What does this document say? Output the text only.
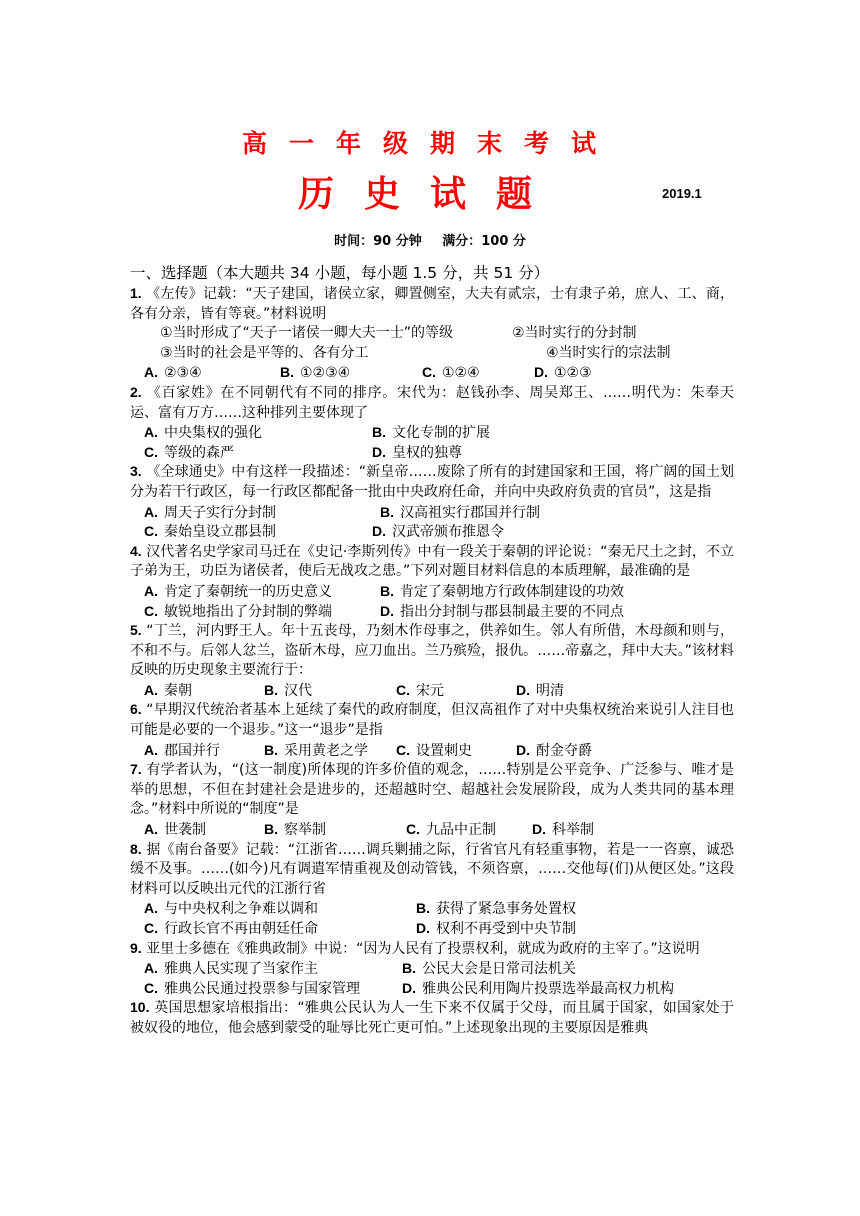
高一年级期末考试
历史试题	2019.1
时间：90 分钟 满分：100 分
一、选择题（本大题共 34 小题，每小题 1.5 分，共 51 分）

1. 《左传》记载：“天子建国，诸侯立家，卿置侧室，大夫有贰宗，士有隶子弟，庶人、工、商，各有分亲，皆有等衰。”材料说明

①当时形成了“天子一诸侯一卿大夫一士”的等级	②当时实行的分封制
③当时的社会是平等的、各有分工	④当时实行的宗法制
A. ②③④	B. ①②③④	C. ①②④	D. ①②③

2. 《百家姓》在不同朝代有不同的排序。宋代为：赵钱孙李、周吴郑王、……明代为：朱奉天运、富有万方……这种排列主要体现了

A. 中央集权的强化	B. 文化专制的扩展
C. 等级的森严	D. 皇权的独尊

3. 《全球通史》中有这样一段描述：“新皇帝……废除了所有的封建国家和王国，将广阔的国土划分为若干行政区，每一行政区都配备一批由中央政府任命，并向中央政府负责的官员”，这是指

A. 周天子实行分封制	B. 汉高祖实行郡国并行制
C. 秦始皇设立郡县制	D. 汉武帝颁布推恩令

4. 汉代著名史学家司马迁在《史记·李斯列传》中有一段关于秦朝的评论说：“秦无尺土之封，不立子弟为王，功臣为诸侯者，使后无战攻之患。”下列对题目材料信息的本质理解，最准确的是

A. 肯定了秦朝统一的历史意义	B. 肯定了秦朝地方行政体制建设的功效
C. 敏锐地指出了分封制的弊端	D. 指出分封制与郡县制最主要的不同点

5. “丁兰，河内野王人。年十五丧母，乃刻木作母事之，供养如生。邻人有所借，木母颜和则与，不和不与。后邻人忿兰，盗斫木母，应刀血出。兰乃殡殓，报仇。……帝嘉之，拜中大夫。”该材料反映的历史现象主要流行于：

A. 秦朝	B. 汉代	C. 宋元	D. 明清

6. “早期汉代统治者基本上延续了秦代的政府制度，但汉高祖作了对中央集权统治来说引人注目也可能是必要的一个退步。”这一“退步”是指

A. 郡国并行	B. 采用黄老之学 C. 设置刺史	D. 酎金夺爵

7. 有学者认为，“(这一制度)所体现的许多价值的观念，……特别是公平竞争、广泛参与、唯才是举的思想，不但在封建社会是进步的，还超越时空、超越社会发展阶段，成为人类共同的基本理念。”材料中所说的“制度”是

A. 世袭制	B. 察举制	C. 九品中正制	D. 科举制

8. 据《南台备要》记载：“江浙省……调兵剿捕之际，行省官凡有轻重事物，若是一一咨禀，诚恐缓不及事。……(如今)凡有调遣军情重视及创动管钱，不须咨禀，……交他每(们)从便区处。”这段材料可以反映出元代的江浙行省

A. 与中央权利之争难以调和	B. 获得了紧急事务处置权
C. 行政长官不再由朝廷任命	D. 权利不再受到中央节制

9. 亚里士多德在《雅典政制》中说：“因为人民有了投票权利，就成为政府的主宰了。”这说明

A. 雅典人民实现了当家作主	B. 公民大会是日常司法机关
C. 雅典公民通过投票参与国家管理	D. 雅典公民利用陶片投票选举最高权力机构

10. 英国思想家培根指出：“雅典公民认为人一生下来不仅属于父母，而且属于国家，如国家处于被奴役的地位，他会感到蒙受的耻辱比死亡更可怕。”上述现象出现的主要原因是雅典
